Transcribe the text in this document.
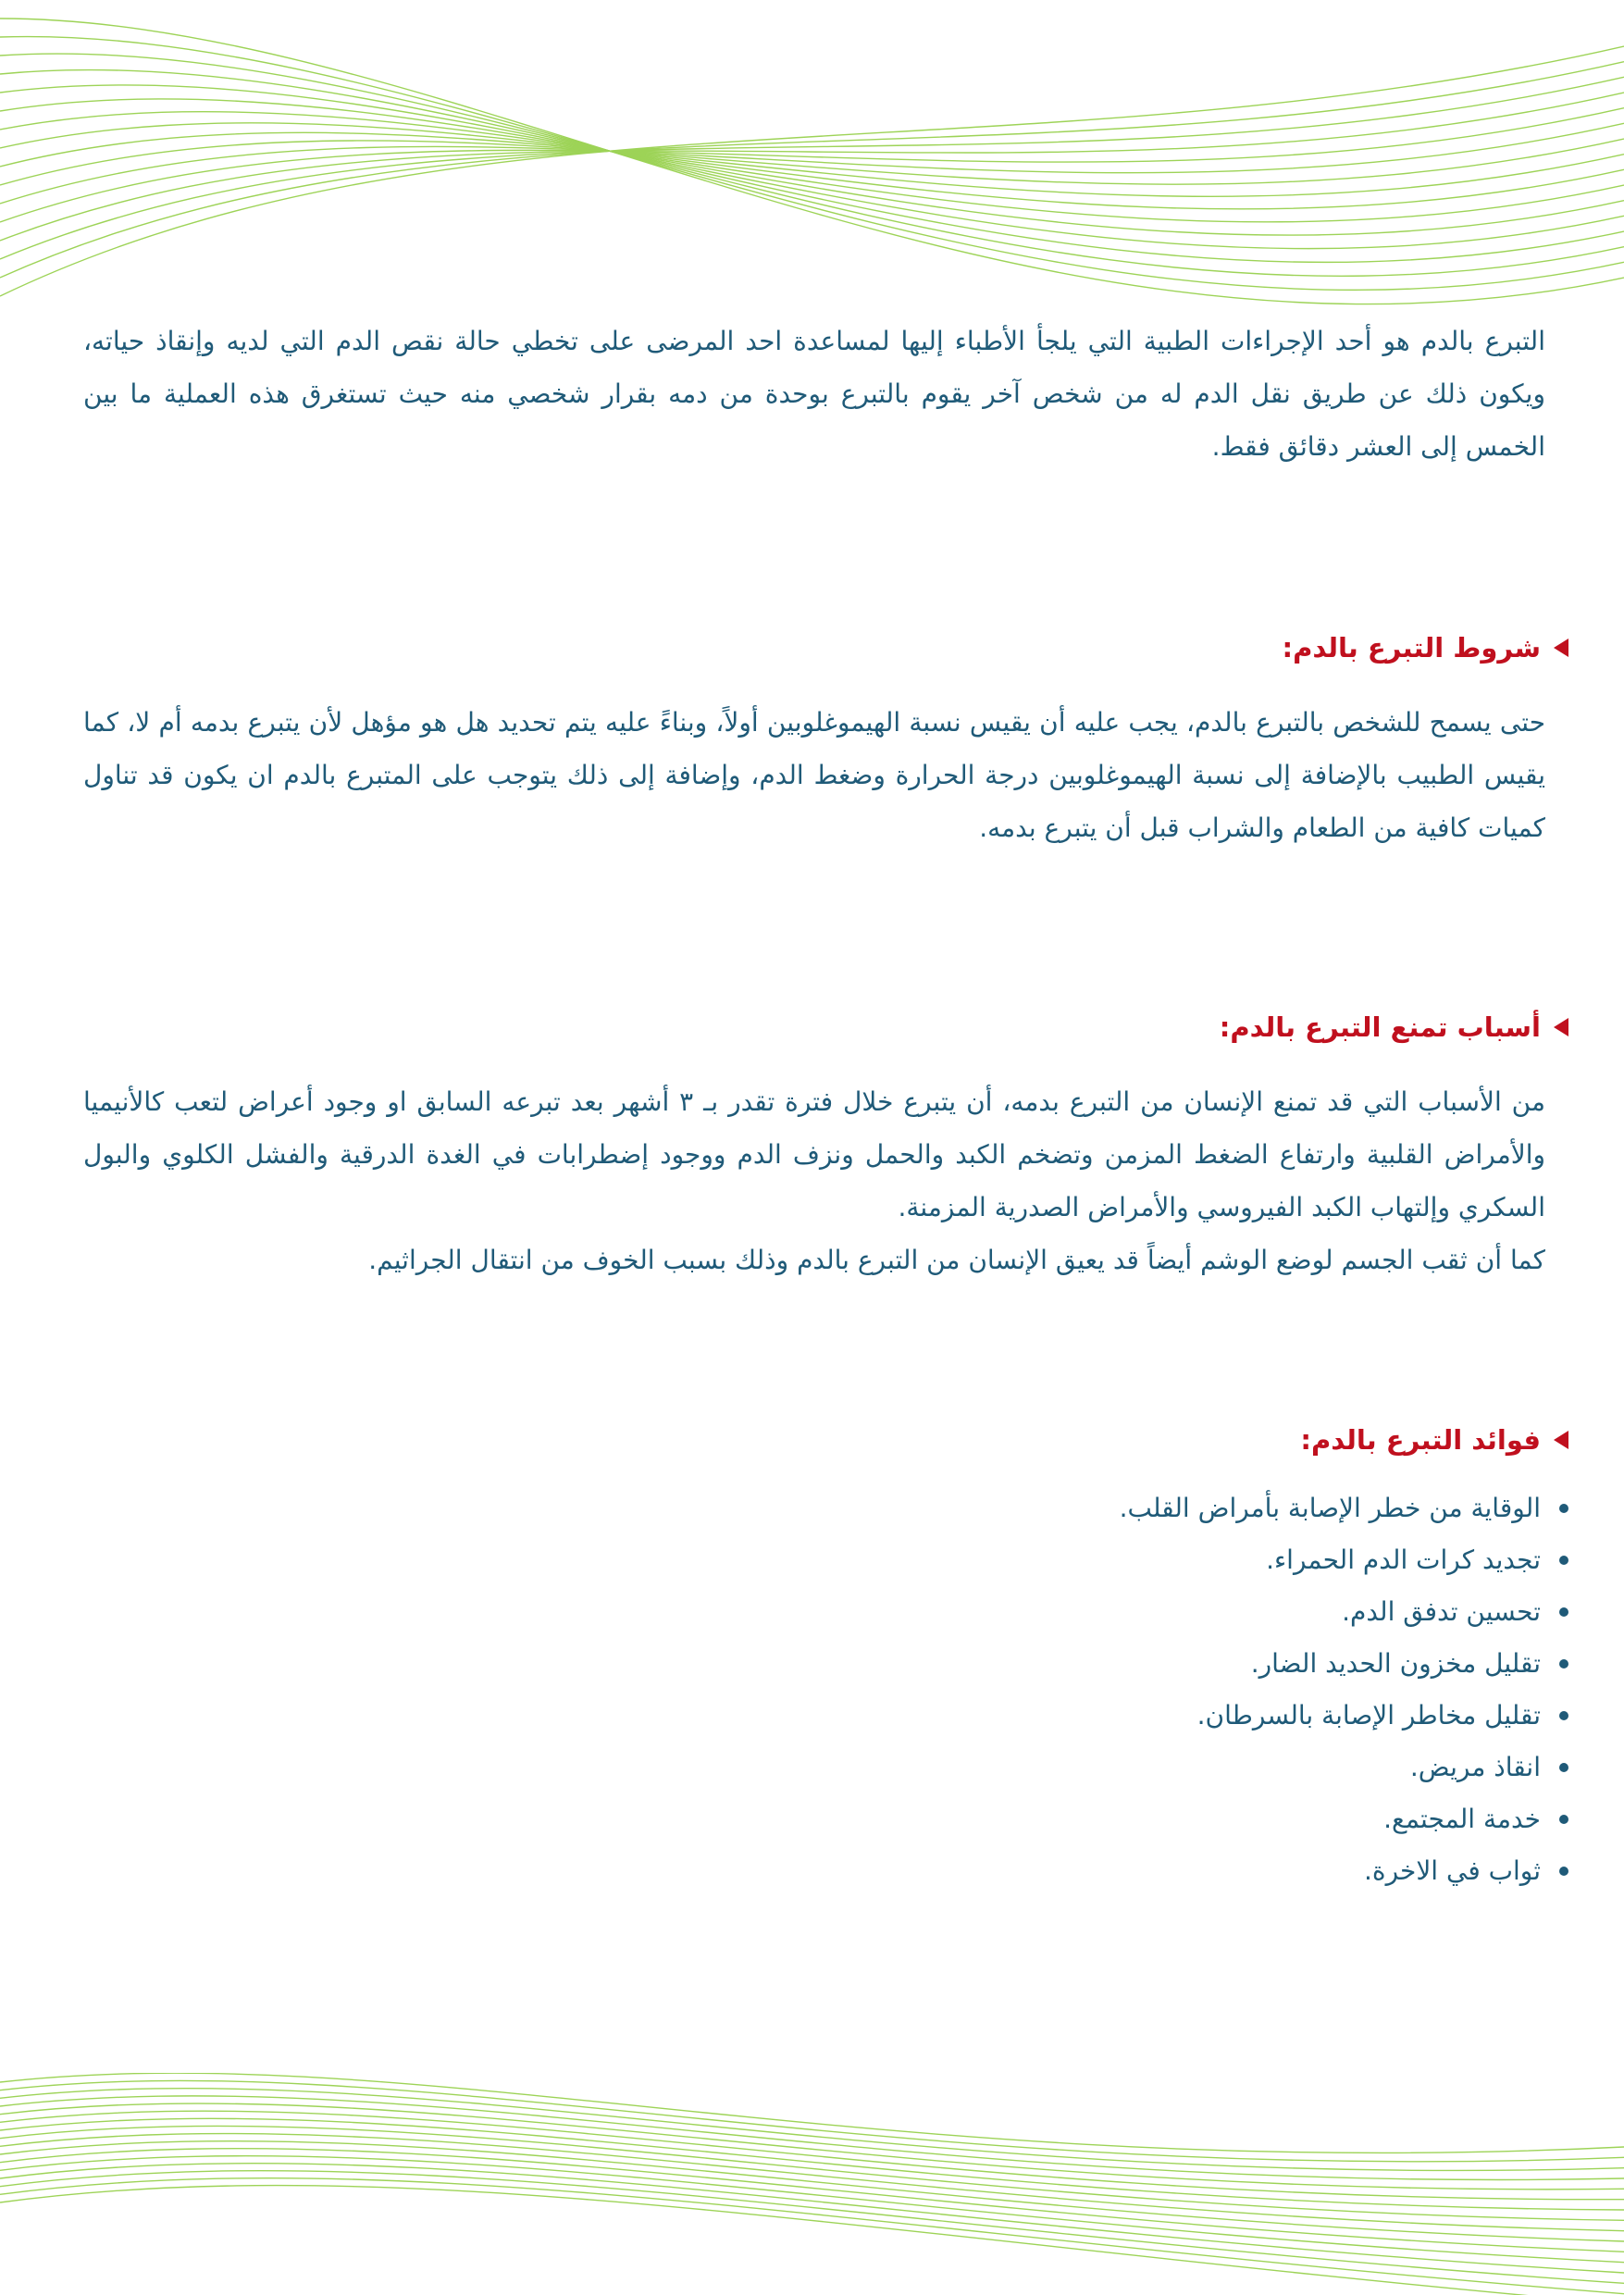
التبرع بالدم هو أحد الإجراءات الطبية التي يلجأ الأطباء إليها لمساعدة احد المرضى على تخطي حالة نقص الدم التي لديه وإنقاذ حياته، ويكون ذلك عن طريق نقل الدم له من شخص آخر يقوم بالتبرع بوحدة من دمه بقرار شخصي منه حيث تستغرق هذه العملية ما بين الخمس إلى العشر دقائق فقط.

شروط التبرع بالدم:

حتى يسمح للشخص بالتبرع بالدم، يجب عليه أن يقيس نسبة الهيموغلوبين أولاً، وبناءً عليه يتم تحديد هل هو مؤهل لأن يتبرع بدمه أم لا، كما يقيس الطبيب بالإضافة إلى نسبة الهيموغلوبين درجة الحرارة وضغط الدم، وإضافة إلى ذلك يتوجب على المتبرع بالدم ان يكون قد تناول كميات كافية من الطعام والشراب قبل أن يتبرع بدمه.

أسباب تمنع التبرع بالدم:

من الأسباب التي قد تمنع الإنسان من التبرع بدمه، أن يتبرع خلال فترة تقدر بـ ٣ أشهر بعد تبرعه السابق او وجود أعراض لتعب كالأنيميا والأمراض القلبية وارتفاع الضغط المزمن وتضخم الكبد والحمل ونزف الدم ووجود إضطرابات في الغدة الدرقية والفشل الكلوي والبول السكري وإلتهاب الكبد الفيروسي والأمراض الصدرية المزمنة.

كما أن ثقب الجسم لوضع الوشم أيضاً قد يعيق الإنسان من التبرع بالدم وذلك بسبب الخوف من انتقال الجراثيم.

فوائد التبرع بالدم:
الوقاية من خطر الإصابة بأمراض القلب.
تجديد كرات الدم الحمراء.
تحسين تدفق الدم.
تقليل مخزون الحديد الضار.
تقليل مخاطر الإصابة بالسرطان.
انقاذ مريض.
خدمة المجتمع.
ثواب في الاخرة.
